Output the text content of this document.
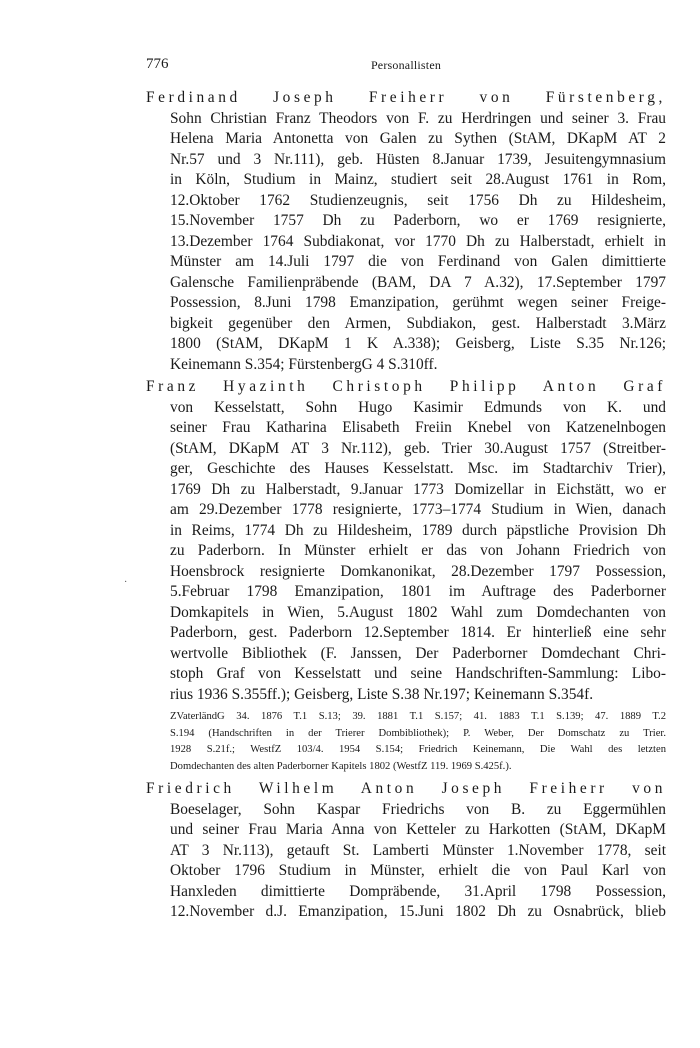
776	Personallisten
·
Ferdinand Joseph Freiherr von Fürstenberg,
Sohn Christian Franz Theodors von F. zu Herdringen und seiner 3. Frau
Helena Maria Antonetta von Galen zu Sythen (StAM, DKapM AT 2
Nr.57 und 3 Nr.111), geb. Hüsten 8.Januar 1739, Jesuitengymnasium
in Köln, Studium in Mainz, studiert seit 28.August 1761 in Rom,
12.Oktober 1762 Studienzeugnis, seit 1756 Dh zu Hildesheim,
15.November 1757 Dh zu Paderborn, wo er 1769 resignierte,
13.Dezember 1764 Subdiakonat, vor 1770 Dh zu Halberstadt, erhielt in
Münster am 14.Juli 1797 die von Ferdinand von Galen dimittierte
Galensche Familienpräbende (BAM, DA 7 A.32), 17.September 1797
Possession, 8.Juni 1798 Emanzipation, gerühmt wegen seiner Freige-
bigkeit gegenüber den Armen, Subdiakon, gest. Halberstadt 3.März
1800 (StAM, DKapM 1 K A.338); Geisberg, Liste S.35 Nr.126;
Keinemann S.354; FürstenbergG 4 S.310ff.
Franz Hyazinth Christoph Philipp Anton Graf
von Kesselstatt, Sohn Hugo Kasimir Edmunds von K. und
seiner Frau Katharina Elisabeth Freiin Knebel von Katzenelnbogen
(StAM, DKapM AT 3 Nr.112), geb. Trier 30.August 1757 (Streitber-
ger, Geschichte des Hauses Kesselstatt. Msc. im Stadtarchiv Trier),
1769 Dh zu Halberstadt, 9.Januar 1773 Domizellar in Eichstätt, wo er
am 29.Dezember 1778 resignierte, 1773–1774 Studium in Wien, danach
in Reims, 1774 Dh zu Hildesheim, 1789 durch päpstliche Provision Dh
zu Paderborn. In Münster erhielt er das von Johann Friedrich von
Hoensbrock resignierte Domkanonikat, 28.Dezember 1797 Possession,
5.Februar 1798 Emanzipation, 1801 im Auftrage des Paderborner
Domkapitels in Wien, 5.August 1802 Wahl zum Domdechanten von
Paderborn, gest. Paderborn 12.September 1814. Er hinterließ eine sehr
wertvolle Bibliothek (F. Janssen, Der Paderborner Domdechant Chri-
stoph Graf von Kesselstatt und seine Handschriften-Sammlung: Libo-
rius 1936 S.355ff.); Geisberg, Liste S.38 Nr.197; Keinemann S.354f.
ZVaterländG 34. 1876 T.1 S.13; 39. 1881 T.1 S.157; 41. 1883 T.1 S.139; 47. 1889 T.2
S.194 (Handschriften in der Trierer Dombibliothek); P. Weber, Der Domschatz zu Trier.
1928 S.21f.; WestfZ 103/4. 1954 S.154; Friedrich Keinemann, Die Wahl des letzten
Domdechanten des alten Paderborner Kapitels 1802 (WestfZ 119. 1969 S.425f.).
Friedrich Wilhelm Anton Joseph Freiherr von
Boeselager, Sohn Kaspar Friedrichs von B. zu Eggermühlen
und seiner Frau Maria Anna von Ketteler zu Harkotten (StAM, DKapM
AT 3 Nr.113), getauft St. Lamberti Münster 1.November 1778, seit
Oktober 1796 Studium in Münster, erhielt die von Paul Karl von
Hanxleden dimittierte Dompräbende, 31.April 1798 Possession,
12.November d.J. Emanzipation, 15.Juni 1802 Dh zu Osnabrück, blieb
